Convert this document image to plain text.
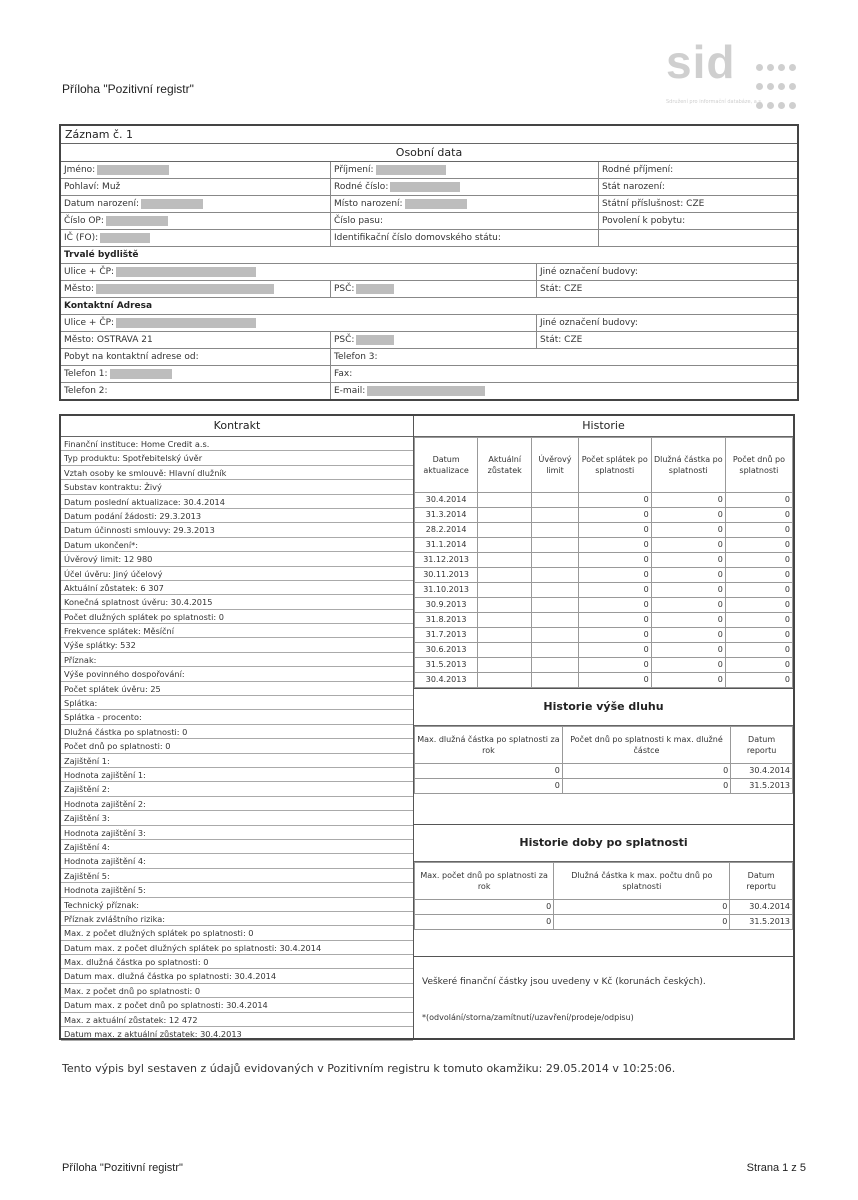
Příloha "Pozitivní registr"
sid
Sdružení pro informační databáze, a.s.
Záznam č. 1
Osobní data
Jméno:	Příjmení:	Rodné příjmení:
Pohlaví: Muž	Rodné číslo:	Stát narození:
Datum narození:	Místo narození:	Státní příslušnost: CZE
Číslo OP:	Číslo pasu:	Povolení k pobytu:
IČ (FO):	Identifikační číslo domovského státu:
Trvalé bydliště
Ulice + ČP:	Jiné označení budovy:
Město:	PSČ:	Stát: CZE
Kontaktní Adresa
Ulice + ČP:	Jiné označení budovy:
Město: OSTRAVA 21	PSČ:	Stát: CZE
Pobyt na kontaktní adrese od:	Telefon 3:
Telefon 1:	Fax:
Telefon 2:	E-mail:
Kontrakt
Finanční instituce: Home Credit a.s.
Typ produktu: Spotřebitelský úvěr
Vztah osoby ke smlouvě: Hlavní dlužník
Substav kontraktu: Živý
Datum poslední aktualizace: 30.4.2014
Datum podání žádosti: 29.3.2013
Datum účinnosti smlouvy: 29.3.2013
Datum ukončení*:
Úvěrový limit: 12 980
Účel úvěru: Jiný účelový
Aktuální zůstatek: 6 307
Konečná splatnost úvěru: 30.4.2015
Počet dlužných splátek po splatnosti: 0
Frekvence splátek: Měsíční
Výše splátky: 532
Příznak:
Výše povinného dospořování:
Počet splátek úvěru: 25
Splátka:
Splátka - procento:
Dlužná částka po splatnosti: 0
Počet dnů po splatnosti: 0
Zajištění 1:
Hodnota zajištění 1:
Zajištění 2:
Hodnota zajištění 2:
Zajištění 3:
Hodnota zajištění 3:
Zajištění 4:
Hodnota zajištění 4:
Zajištění 5:
Hodnota zajištění 5:
Technický příznak:
Příznak zvláštního rizika:
Max. z počet dlužných splátek po splatnosti: 0
Datum max. z počet dlužných splátek po splatnosti: 30.4.2014
Max. dlužná částka po splatnosti: 0
Datum max. dlužná částka po splatnosti: 30.4.2014
Max. z počet dnů po splatnosti: 0
Datum max. z počet dnů po splatnosti: 30.4.2014
Max. z aktuální zůstatek: 12 472
Datum max. z aktuální zůstatek: 30.4.2013
Historie
Datum aktualizace	Aktuální zůstatek	Úvěrový limit	Počet splátek po splatnosti	Dlužná částka po splatnosti	Počet dnů po splatnosti
30.4.2014			0	0	0
31.3.2014			0	0	0
28.2.2014			0	0	0
31.1.2014			0	0	0
31.12.2013			0	0	0
30.11.2013			0	0	0
31.10.2013			0	0	0
30.9.2013			0	0	0
31.8.2013			0	0	0
31.7.2013			0	0	0
30.6.2013			0	0	0
31.5.2013			0	0	0
30.4.2013			0	0	0
Historie výše dluhu
Max. dlužná částka po splatnosti za rok	Počet dnů po splatnosti k max. dlužné částce	Datum reportu
0	0	30.4.2014
0	0	31.5.2013
Historie doby po splatnosti
Max. počet dnů po splatnosti za rok	Dlužná částka k max. počtu dnů po splatnosti	Datum reportu
0	0	30.4.2014
0	0	31.5.2013
Veškeré finanční částky jsou uvedeny v Kč (korunách českých).
*(odvolání/storna/zamítnutí/uzavření/prodeje/odpisu)
Tento výpis byl sestaven z údajů evidovaných v Pozitivním registru k tomuto okamžiku: 29.05.2014 v 10:25:06.
Příloha "Pozitivní registr"	Strana 1 z 5
